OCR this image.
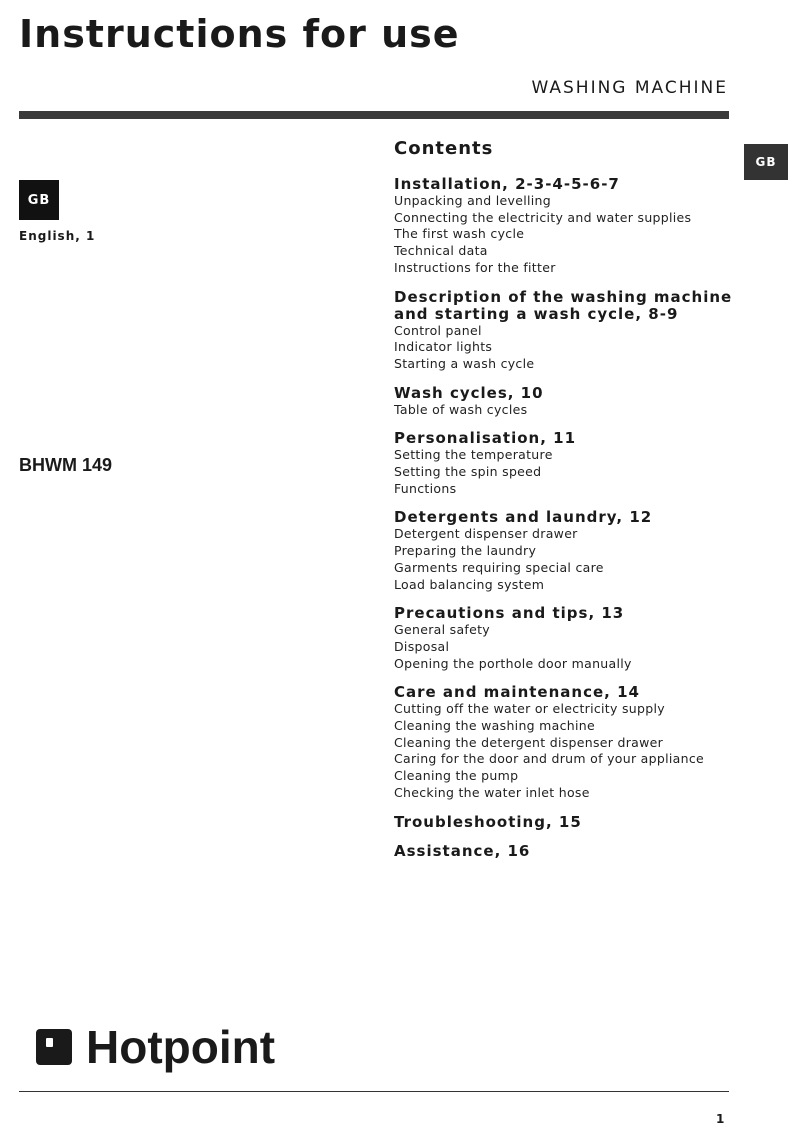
Instructions for use
WASHING MACHINE
GB
GB
English, 1
BHWM 149
Contents
Installation, 2-3-4-5-6-7
Unpacking and levelling
Connecting the electricity and water supplies
The first wash cycle
Technical data
Instructions for the fitter
Description of the washing machine
and starting a wash cycle, 8-9
Control panel
Indicator lights
Starting a wash cycle
Wash cycles, 10
Table of wash cycles
Personalisation, 11
Setting the temperature
Setting the spin speed
Functions
Detergents and laundry, 12
Detergent dispenser drawer
Preparing the laundry
Garments requiring special care
Load balancing system
Precautions and tips, 13
General safety
Disposal
Opening the porthole door manually
Care and maintenance, 14
Cutting off the water or electricity supply
Cleaning the washing machine
Cleaning the detergent dispenser drawer
Caring for the door and drum of your appliance
Cleaning the pump
Checking the water inlet hose
Troubleshooting, 15
Assistance, 16
Hotpoint
1
